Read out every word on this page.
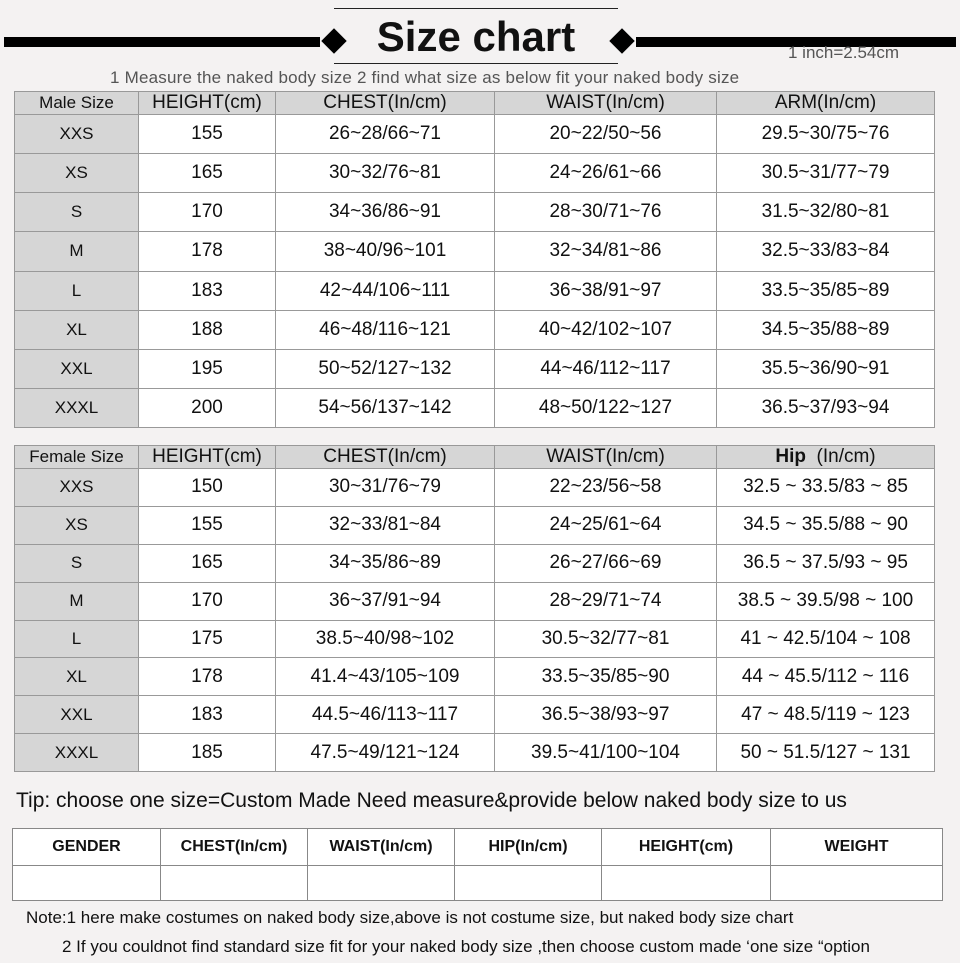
Size chart	1 inch=2.54cm
1 Measure the naked body size 2 find what size as below fit your naked body size
Male Size	HEIGHT(cm)	CHEST(In/cm)	WAIST(In/cm)	ARM(In/cm)
XXS	155	26~28/66~71	20~22/50~56	29.5~30/75~76
XS	165	30~32/76~81	24~26/61~66	30.5~31/77~79
S	170	34~36/86~91	28~30/71~76	31.5~32/80~81
M	178	38~40/96~101	32~34/81~86	32.5~33/83~84
L	183	42~44/106~111	36~38/91~97	33.5~35/85~89
XL	188	46~48/116~121	40~42/102~107	34.5~35/88~89
XXL	195	50~52/127~132	44~46/112~117	35.5~36/90~91
XXXL	200	54~56/137~142	48~50/122~127	36.5~37/93~94
Female Size	HEIGHT(cm)	CHEST(In/cm)	WAIST(In/cm)	Hip (In/cm)
XXS	150	30~31/76~79	22~23/56~58	32.5 ~ 33.5/83 ~ 85
XS	155	32~33/81~84	24~25/61~64	34.5 ~ 35.5/88 ~ 90
S	165	34~35/86~89	26~27/66~69	36.5 ~ 37.5/93 ~ 95
M	170	36~37/91~94	28~29/71~74	38.5 ~ 39.5/98 ~ 100
L	175	38.5~40/98~102	30.5~32/77~81	41 ~ 42.5/104 ~ 108
XL	178	41.4~43/105~109	33.5~35/85~90	44 ~ 45.5/112 ~ 116
XXL	183	44.5~46/113~117	36.5~38/93~97	47 ~ 48.5/119 ~ 123
XXXL	185	47.5~49/121~124	39.5~41/100~104	50 ~ 51.5/127 ~ 131
Tip: choose one size=Custom Made Need measure&provide below naked body size to us
GENDER	CHEST(In/cm)	WAIST(In/cm)	HIP(In/cm)	HEIGHT(cm)	WEIGHT

Note:1 here make costumes on naked body size,above is not costume size, but naked body size chart
2 If you couldnot find standard size fit for your naked body size ,then choose custom made ‘one size “option
